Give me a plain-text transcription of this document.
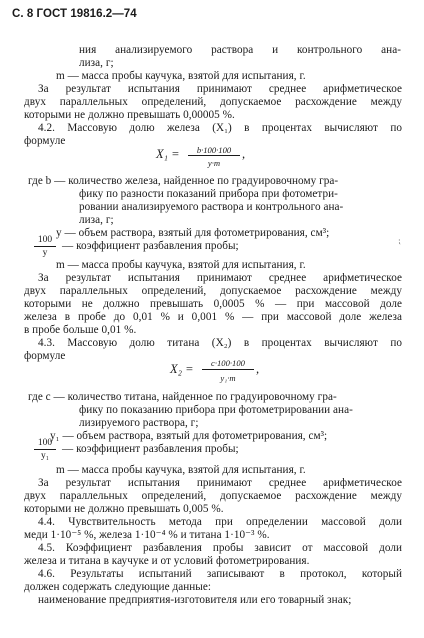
С. 8 ГОСТ 19816.2—74
ния анализируемого раствора и контрольного ана-
лиза, г;
m — масса пробы каучука, взятой для испытания, г.
За результат испытания принимают среднее арифметическое
двух параллельных определений, допускаемое расхождение между
которыми не должно превышать 0,00005 %.
4.2. Массовую долю железа (X₁) в процентах вычисляют по
формуле
X₁ =	b·100·100
y·m
,
где b — количество железа, найденное по градуировочному гра-
фику по разности показаний прибора при фотометри-
ровании анализируемого раствора и контрольного ана-
лиза, г;
y — объем раствора, взятый для фотометрирования, см³;
100
y
— коэффициент разбавления пробы;	⁏
m — масса пробы каучука, взятой для испытания, г.
За результат испытания принимают среднее арифметическое
двух параллельных определений, допускаемое расхождение между
которыми не должно превышать 0,0005 % — при массовой доле
железа в пробе до 0,01 % и 0,001 % — при массовой доле железа
в пробе больше 0,01 %.
4.3. Массовую долю титана (X₂) в процентах вычисляют по
формуле
X₂ =	c·100·100
y₁·m
,
где c — количество титана, найденное по градуировочному гра-
фику по показанию прибора при фотометрировании ана-
лизируемого раствора, г;
y₁ — объем раствора, взятый для фотометрирования, см³;
100
y₁
— коэффициент разбавления пробы;
m — масса пробы каучука, взятой для испытания, г.
За результат испытания принимают среднее арифметическое
двух параллельных определений, допускаемое расхождение между
которыми не должно превышать 0,005 %.
4.4. Чувствительность метода при определении массовой доли
меди 1·10⁻⁵ %, железа 1·10⁻⁴ % и титана 1·10⁻³ %.
4.5. Коэффициент разбавления пробы зависит от массовой доли
железа и титана в каучуке и от условий фотометрирования.
4.6. Результаты испытаний записывают в протокол, который
должен содержать следующие данные:
наименование предприятия-изготовителя или его товарный знак;
